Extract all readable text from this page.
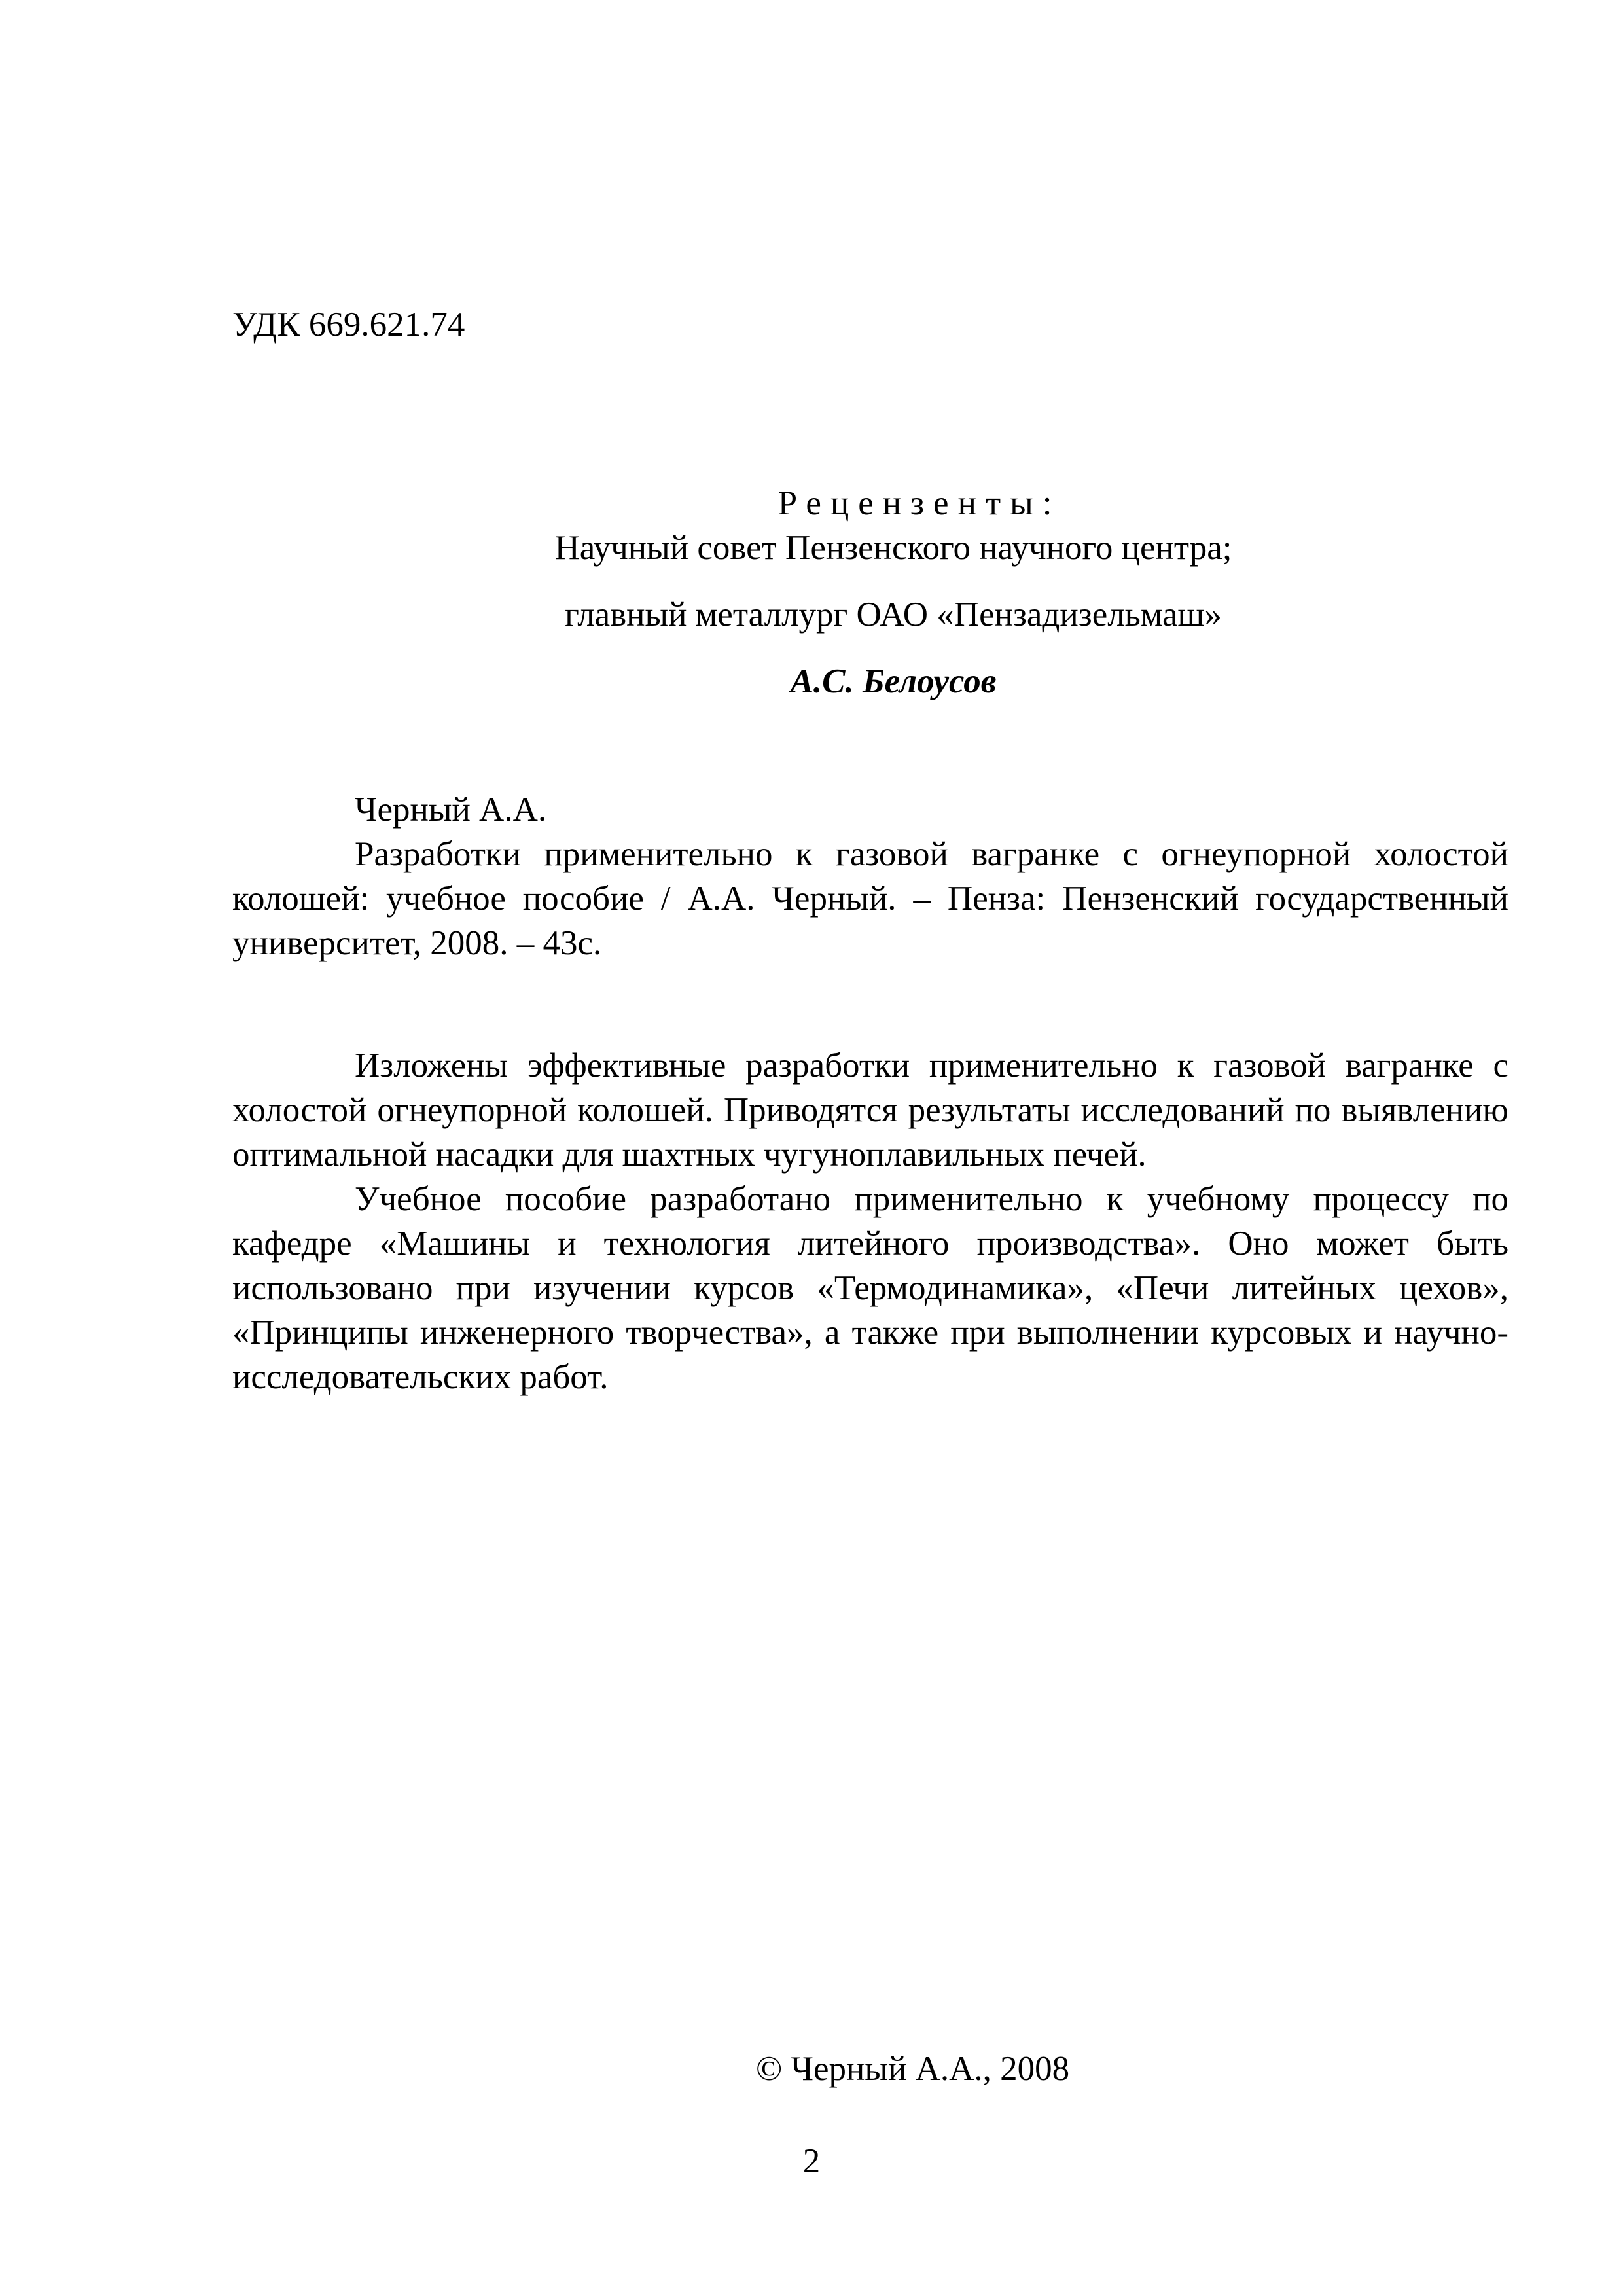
УДК 669.621.74

Рецензенты:

Научный совет Пензенского научного центра;

главный металлург ОАО «Пензадизельмаш»

А.С. Белоусов

Черный А.А.

Разработки применительно к газовой вагранке с огнеупорной холостой колошей: учебное пособие / А.А. Черный. – Пенза: Пензенский государственный университет, 2008. – 43с.

Изложены эффективные разработки применительно к газовой вагранке с холостой огнеупорной колошей. Приводятся результаты исследований по выявлению оптимальной насадки для шахтных чугуноплавильных печей.

Учебное пособие разработано применительно к учебному процессу по кафедре «Машины и технология литейного производства». Оно может быть использовано при изучении курсов «Термодинамика», «Печи литейных цехов», «Принципы инженерного творчества», а также при выполнении курсовых и научно-исследовательских работ.

© Черный А.А., 2008

2
